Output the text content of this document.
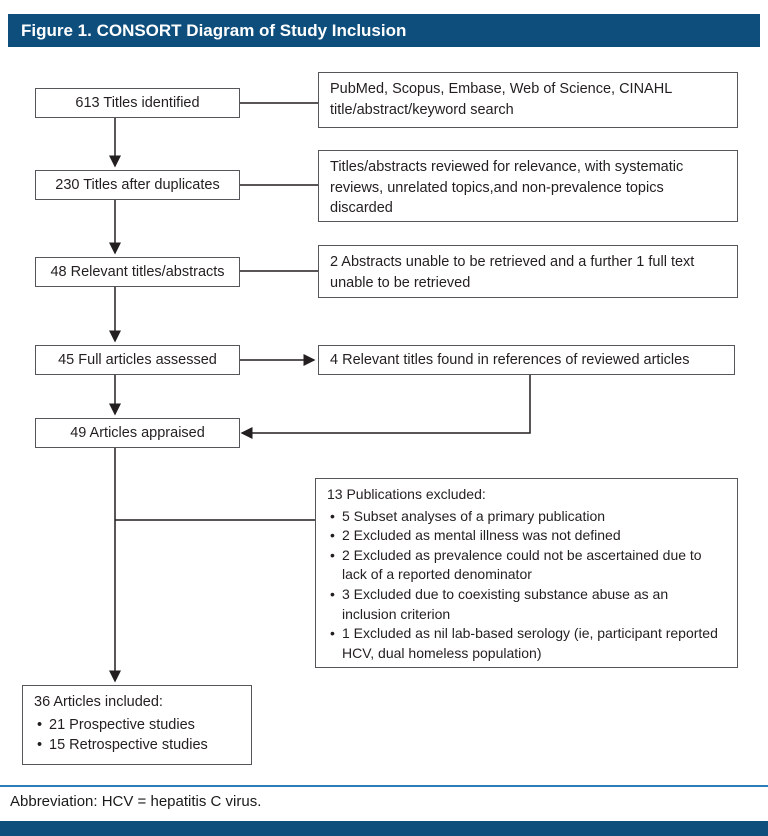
Figure 1. CONSORT Diagram of Study Inclusion
613 Titles identified
230 Titles after duplicates
48 Relevant titles/abstracts
45 Full articles assessed
49 Articles appraised
PubMed, Scopus, Embase, Web of Science, CINAHL title/abstract/keyword search
Titles/abstracts reviewed for relevance, with systematic reviews, unrelated topics,and non-prevalence topics discarded
2 Abstracts unable to be retrieved and a further 1 full text unable to be retrieved
4 Relevant titles found in references of reviewed articles
13 Publications excluded:
• 5 Subset analyses of a primary publication
• 2 Excluded as mental illness was not defined
• 2 Excluded as prevalence could not be ascertained due to lack of a reported denominator
• 3 Excluded due to coexisting substance abuse as an inclusion criterion
• 1 Excluded as nil lab-based serology (ie, participant reported HCV, dual homeless population)
36 Articles included:
• 21 Prospective studies
• 15 Retrospective studies
Abbreviation: HCV = hepatitis C virus.
